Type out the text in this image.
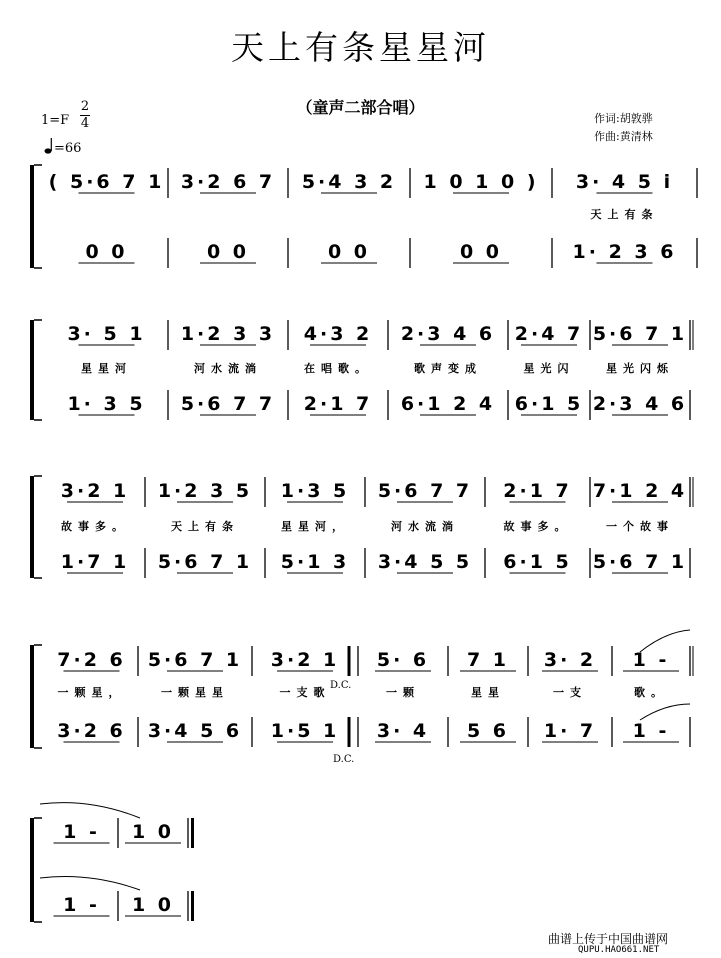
天上有条星星河
（童声二部合唱）
1=F
2
4
=66
作词:胡敦骅
作曲:黄清林
( 5·6 7 1
0 0
3·2 6 7
0 0
5·4 3 2
0 0
1 0 1 0 )
0 0
3· 4 5 i
天上有条
1· 2 3 6
3· 5 1
星星河
1· 3 5
1·2 3 3
河水流淌
5·6 7 7
4·3 2
在唱歌。
2·1 7
2·3 4 6
歌声变成
6·1 2 4
2·4 7
星光闪
6·1 5
5·6 7 1
星光闪烁
2·3 4 6
3·2 1
故事多。
1·7 1
1·2 3 5
天上有条
5·6 7 1
1·3 5
星星河，
5·1 3
5·6 7 7
河水流淌
3·4 5 5
2·1 7
故事多。
6·1 5
7·1 2 4
一个故事
5·6 7 1
7·2 6
一颗星，
3·2 6
5·6 7 1
一颗星星
3·4 5 6
3·2 1
一支歌
1·5 1
5· 6
一颗
3· 4
7 1
星星
5 6
3· 2
一支
1· 7
1 -
歌。
1 -
1 -
1 -
1 0
1 0
D.C.
D.C.
曲谱上传于中国曲谱网
QUPU.HAO661.NET
